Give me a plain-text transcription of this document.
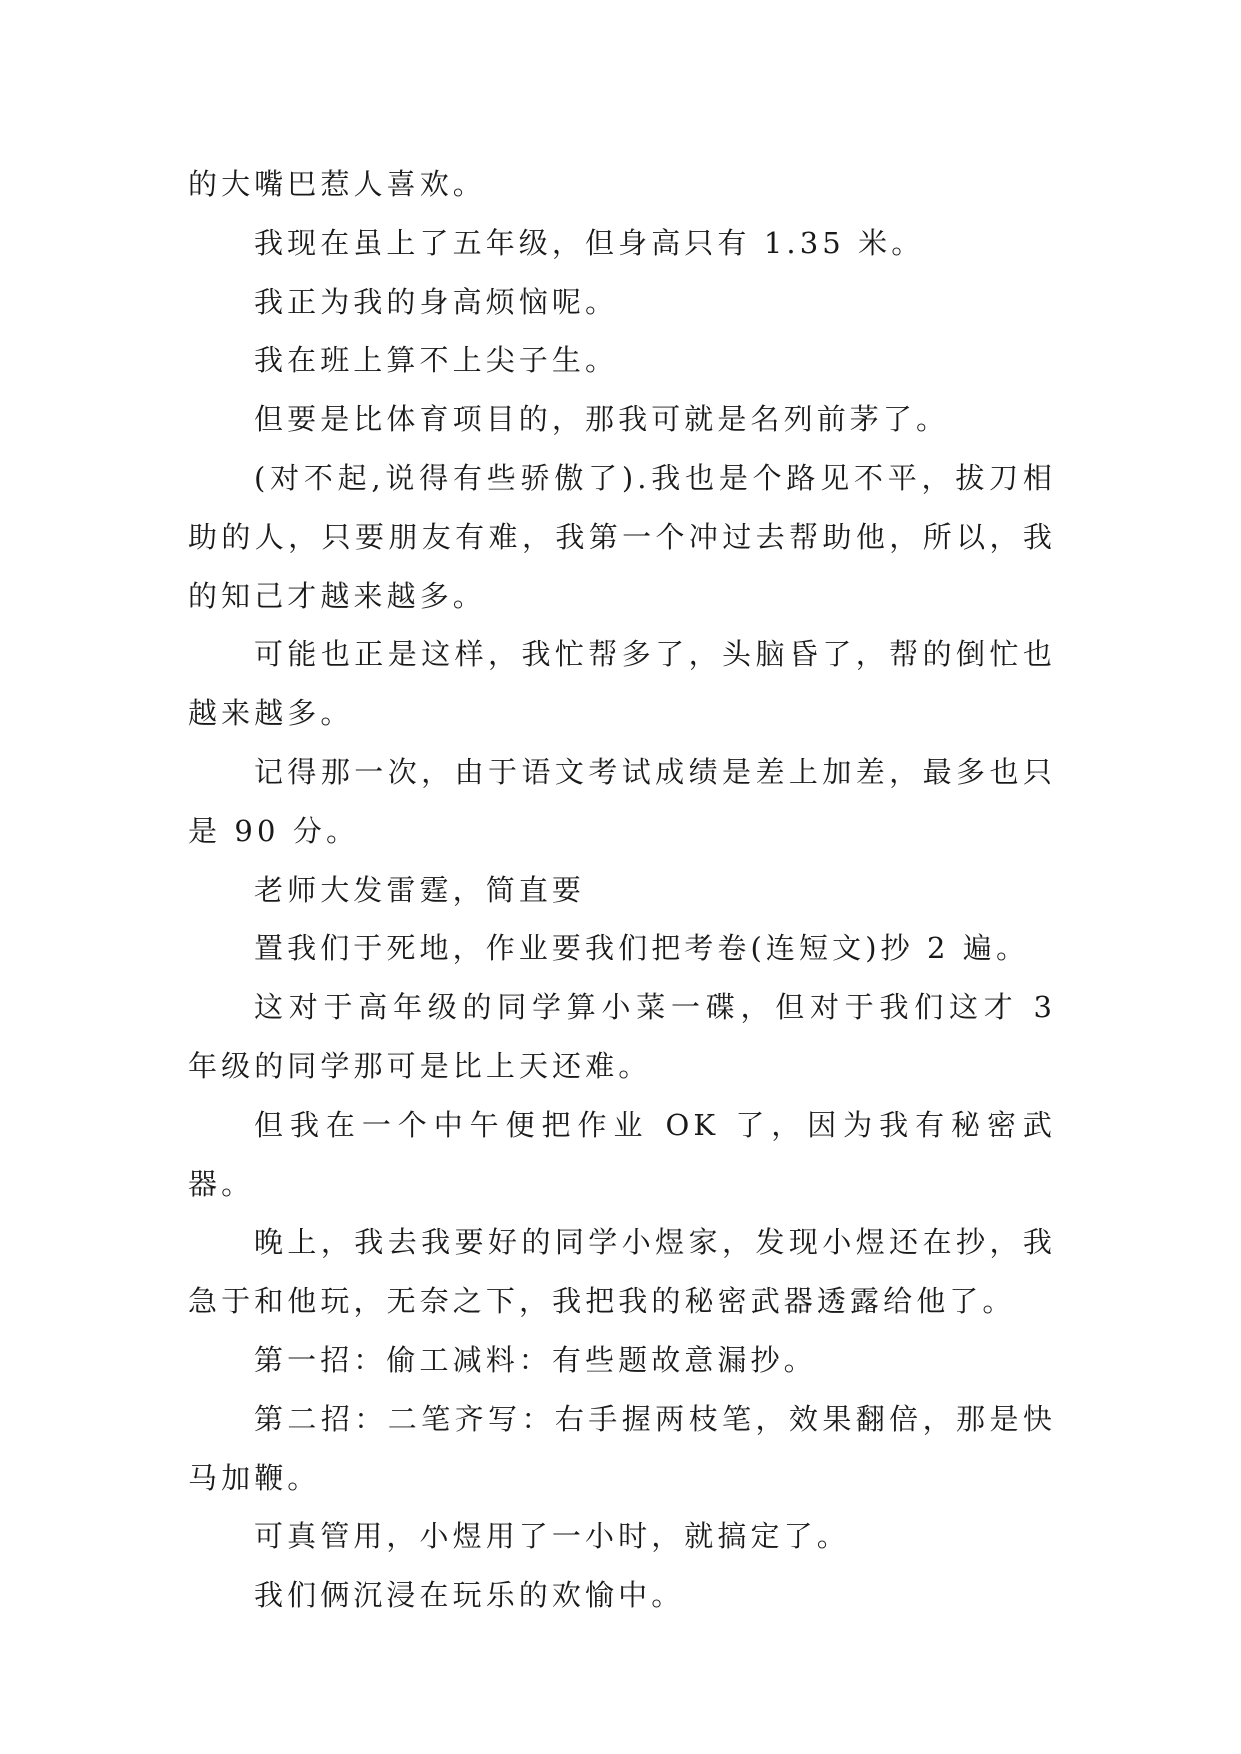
的大嘴巴惹人喜欢。

我现在虽上了五年级，但身高只有 1.35 米。

我正为我的身高烦恼呢。

我在班上算不上尖子生。

但要是比体育项目的，那我可就是名列前茅了。

(对不起,说得有些骄傲了).我也是个路见不平，拔刀相助的人，只要朋友有难，我第一个冲过去帮助他，所以，我的知己才越来越多。

可能也正是这样，我忙帮多了，头脑昏了，帮的倒忙也越来越多。

记得那一次，由于语文考试成绩是差上加差，最多也只是 90 分。

老师大发雷霆，简直要

置我们于死地，作业要我们把考卷(连短文)抄 2 遍。

这对于高年级的同学算小菜一碟，但对于我们这才 3 年级的同学那可是比上天还难。

但我在一个中午便把作业 OK 了，因为我有秘密武器。

晚上，我去我要好的同学小煜家，发现小煜还在抄，我急于和他玩，无奈之下，我把我的秘密武器透露给他了。

第一招：偷工减料：有些题故意漏抄。

第二招：二笔齐写：右手握两枝笔，效果翻倍，那是快马加鞭。

可真管用，小煜用了一小时，就搞定了。

我们俩沉浸在玩乐的欢愉中。
